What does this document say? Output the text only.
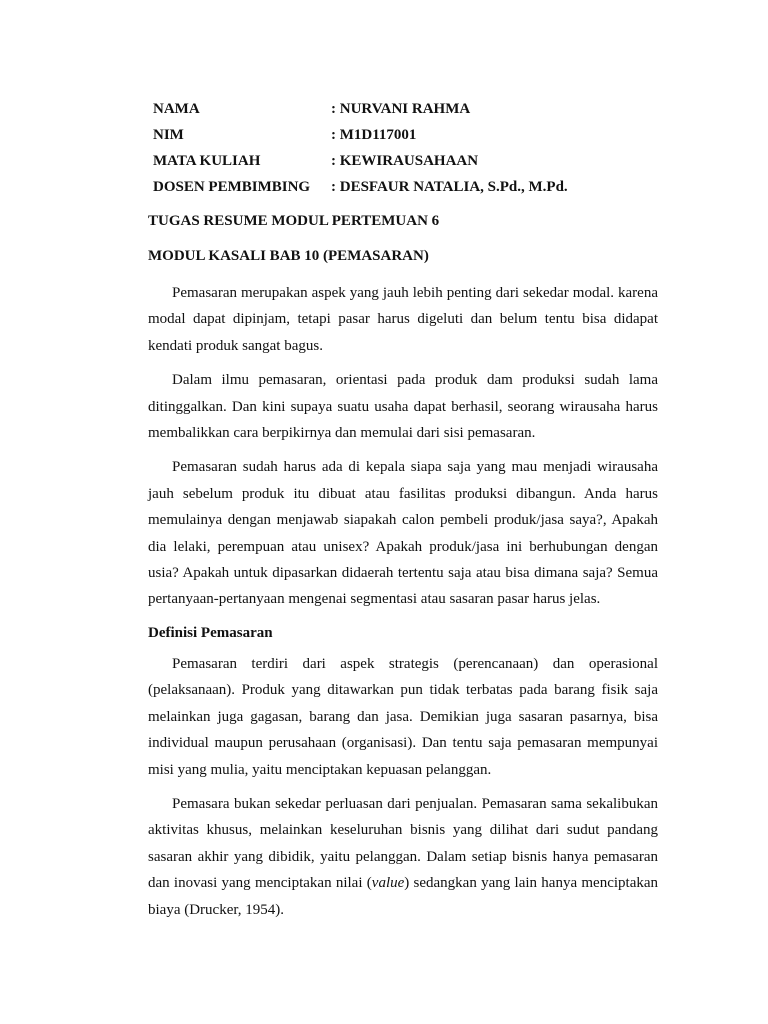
NAMA	: NURVANI RAHMA
NIM	: M1D117001
MATA KULIAH	: KEWIRAUSAHAAN
DOSEN PEMBIMBING	: DESFAUR NATALIA, S.Pd., M.Pd.

TUGAS RESUME MODUL PERTEMUAN 6

MODUL KASALI BAB 10 (PEMASARAN)

Pemasaran merupakan aspek yang jauh lebih penting dari sekedar modal. karena modal dapat dipinjam, tetapi pasar harus digeluti dan belum tentu bisa didapat kendati produk sangat bagus.

Dalam ilmu pemasaran, orientasi pada produk dam produksi sudah lama ditinggalkan. Dan kini supaya suatu usaha dapat berhasil, seorang wirausaha harus membalikkan cara berpikirnya dan memulai dari sisi pemasaran.

Pemasaran sudah harus ada di kepala siapa saja yang mau menjadi wirausaha jauh sebelum produk itu dibuat atau fasilitas produksi dibangun. Anda harus memulainya dengan menjawab siapakah calon pembeli produk/jasa saya?, Apakah dia lelaki, perempuan atau unisex? Apakah produk/jasa ini berhubungan dengan usia? Apakah untuk dipasarkan didaerah tertentu saja atau bisa dimana saja? Semua pertanyaan-pertanyaan mengenai segmentasi atau sasaran pasar harus jelas.

Definisi Pemasaran

Pemasaran terdiri dari aspek strategis (perencanaan) dan operasional (pelaksanaan). Produk yang ditawarkan pun tidak terbatas pada barang fisik saja melainkan juga gagasan, barang dan jasa. Demikian juga sasaran pasarnya, bisa individual maupun perusahaan (organisasi). Dan tentu saja pemasaran mempunyai misi yang mulia, yaitu menciptakan kepuasan pelanggan.

Pemasara bukan sekedar perluasan dari penjualan. Pemasaran sama sekalibukan aktivitas khusus, melainkan keseluruhan bisnis yang dilihat dari sudut pandang sasaran akhir yang dibidik, yaitu pelanggan. Dalam setiap bisnis hanya pemasaran dan inovasi yang menciptakan nilai (value) sedangkan yang lain hanya menciptakan biaya (Drucker, 1954).
